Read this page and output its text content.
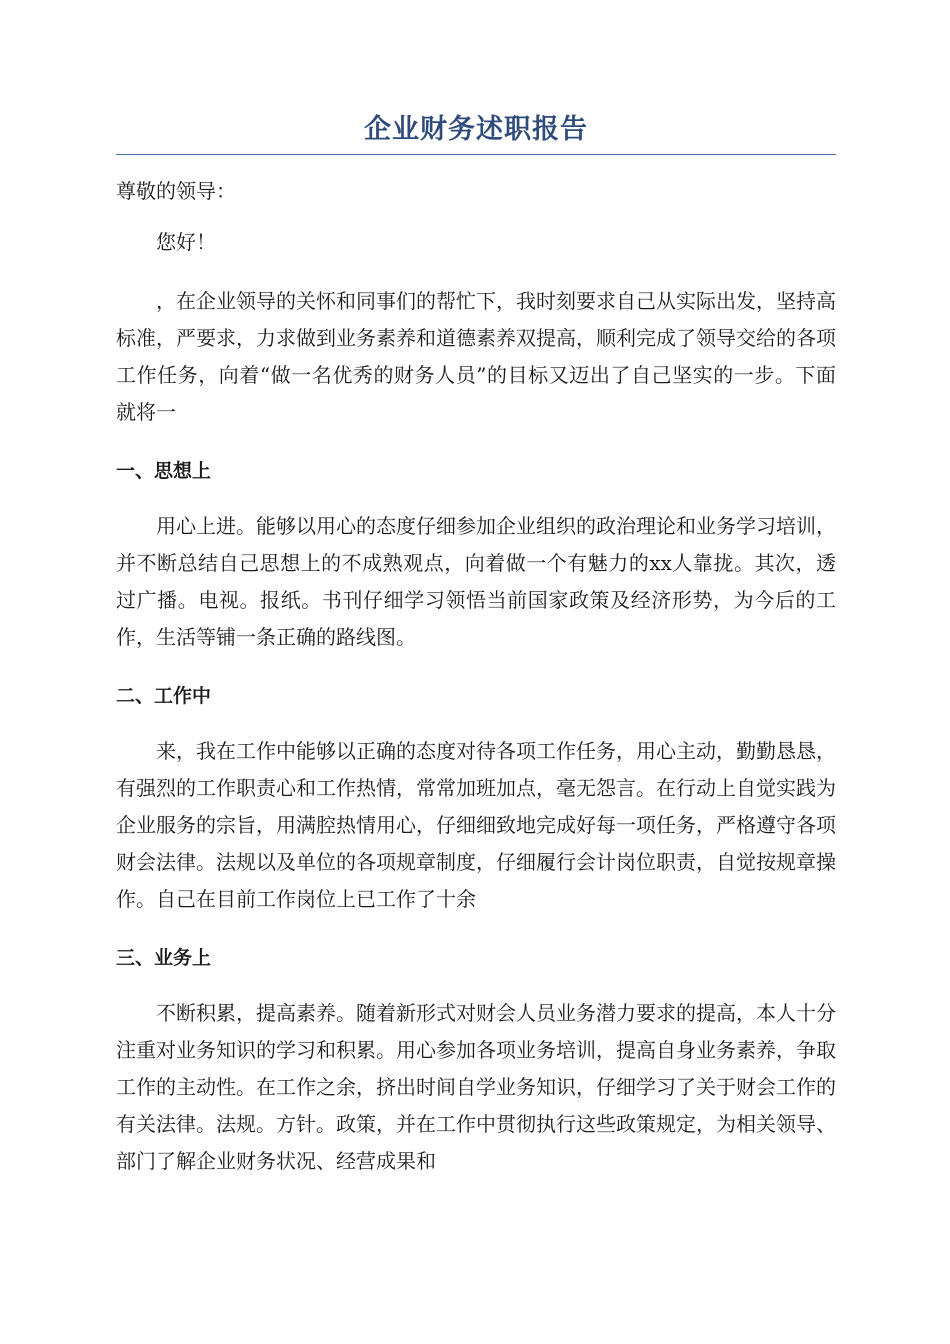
企业财务述职报告

尊敬的领导：

您好！

，在企业领导的关怀和同事们的帮忙下，我时刻要求自己从实际出发，坚持高标准，严要求，力求做到业务素养和道德素养双提高，顺利完成了领导交给的各项工作任务，向着“做一名优秀的财务人员”的目标又迈出了自己坚实的一步。下面就将一

一、思想上

用心上进。能够以用心的态度仔细参加企业组织的政治理论和业务学习培训，并不断总结自己思想上的不成熟观点，向着做一个有魅力的xx人靠拢。其次，透过广播。电视。报纸。书刊仔细学习领悟当前国家政策及经济形势，为今后的工作，生活等铺一条正确的路线图。

二、工作中

来，我在工作中能够以正确的态度对待各项工作任务，用心主动，勤勤恳恳，有强烈的工作职责心和工作热情，常常加班加点，毫无怨言。在行动上自觉实践为企业服务的宗旨，用满腔热情用心，仔细细致地完成好每一项任务，严格遵守各项财会法律。法规以及单位的各项规章制度，仔细履行会计岗位职责，自觉按规章操作。自己在目前工作岗位上已工作了十余

三、业务上

不断积累，提高素养。随着新形式对财会人员业务潜力要求的提高，本人十分注重对业务知识的学习和积累。用心参加各项业务培训，提高自身业务素养，争取工作的主动性。在工作之余，挤出时间自学业务知识，仔细学习了关于财会工作的有关法律。法规。方针。政策，并在工作中贯彻执行这些政策规定，为相关领导、部门了解企业财务状况、经营成果和
